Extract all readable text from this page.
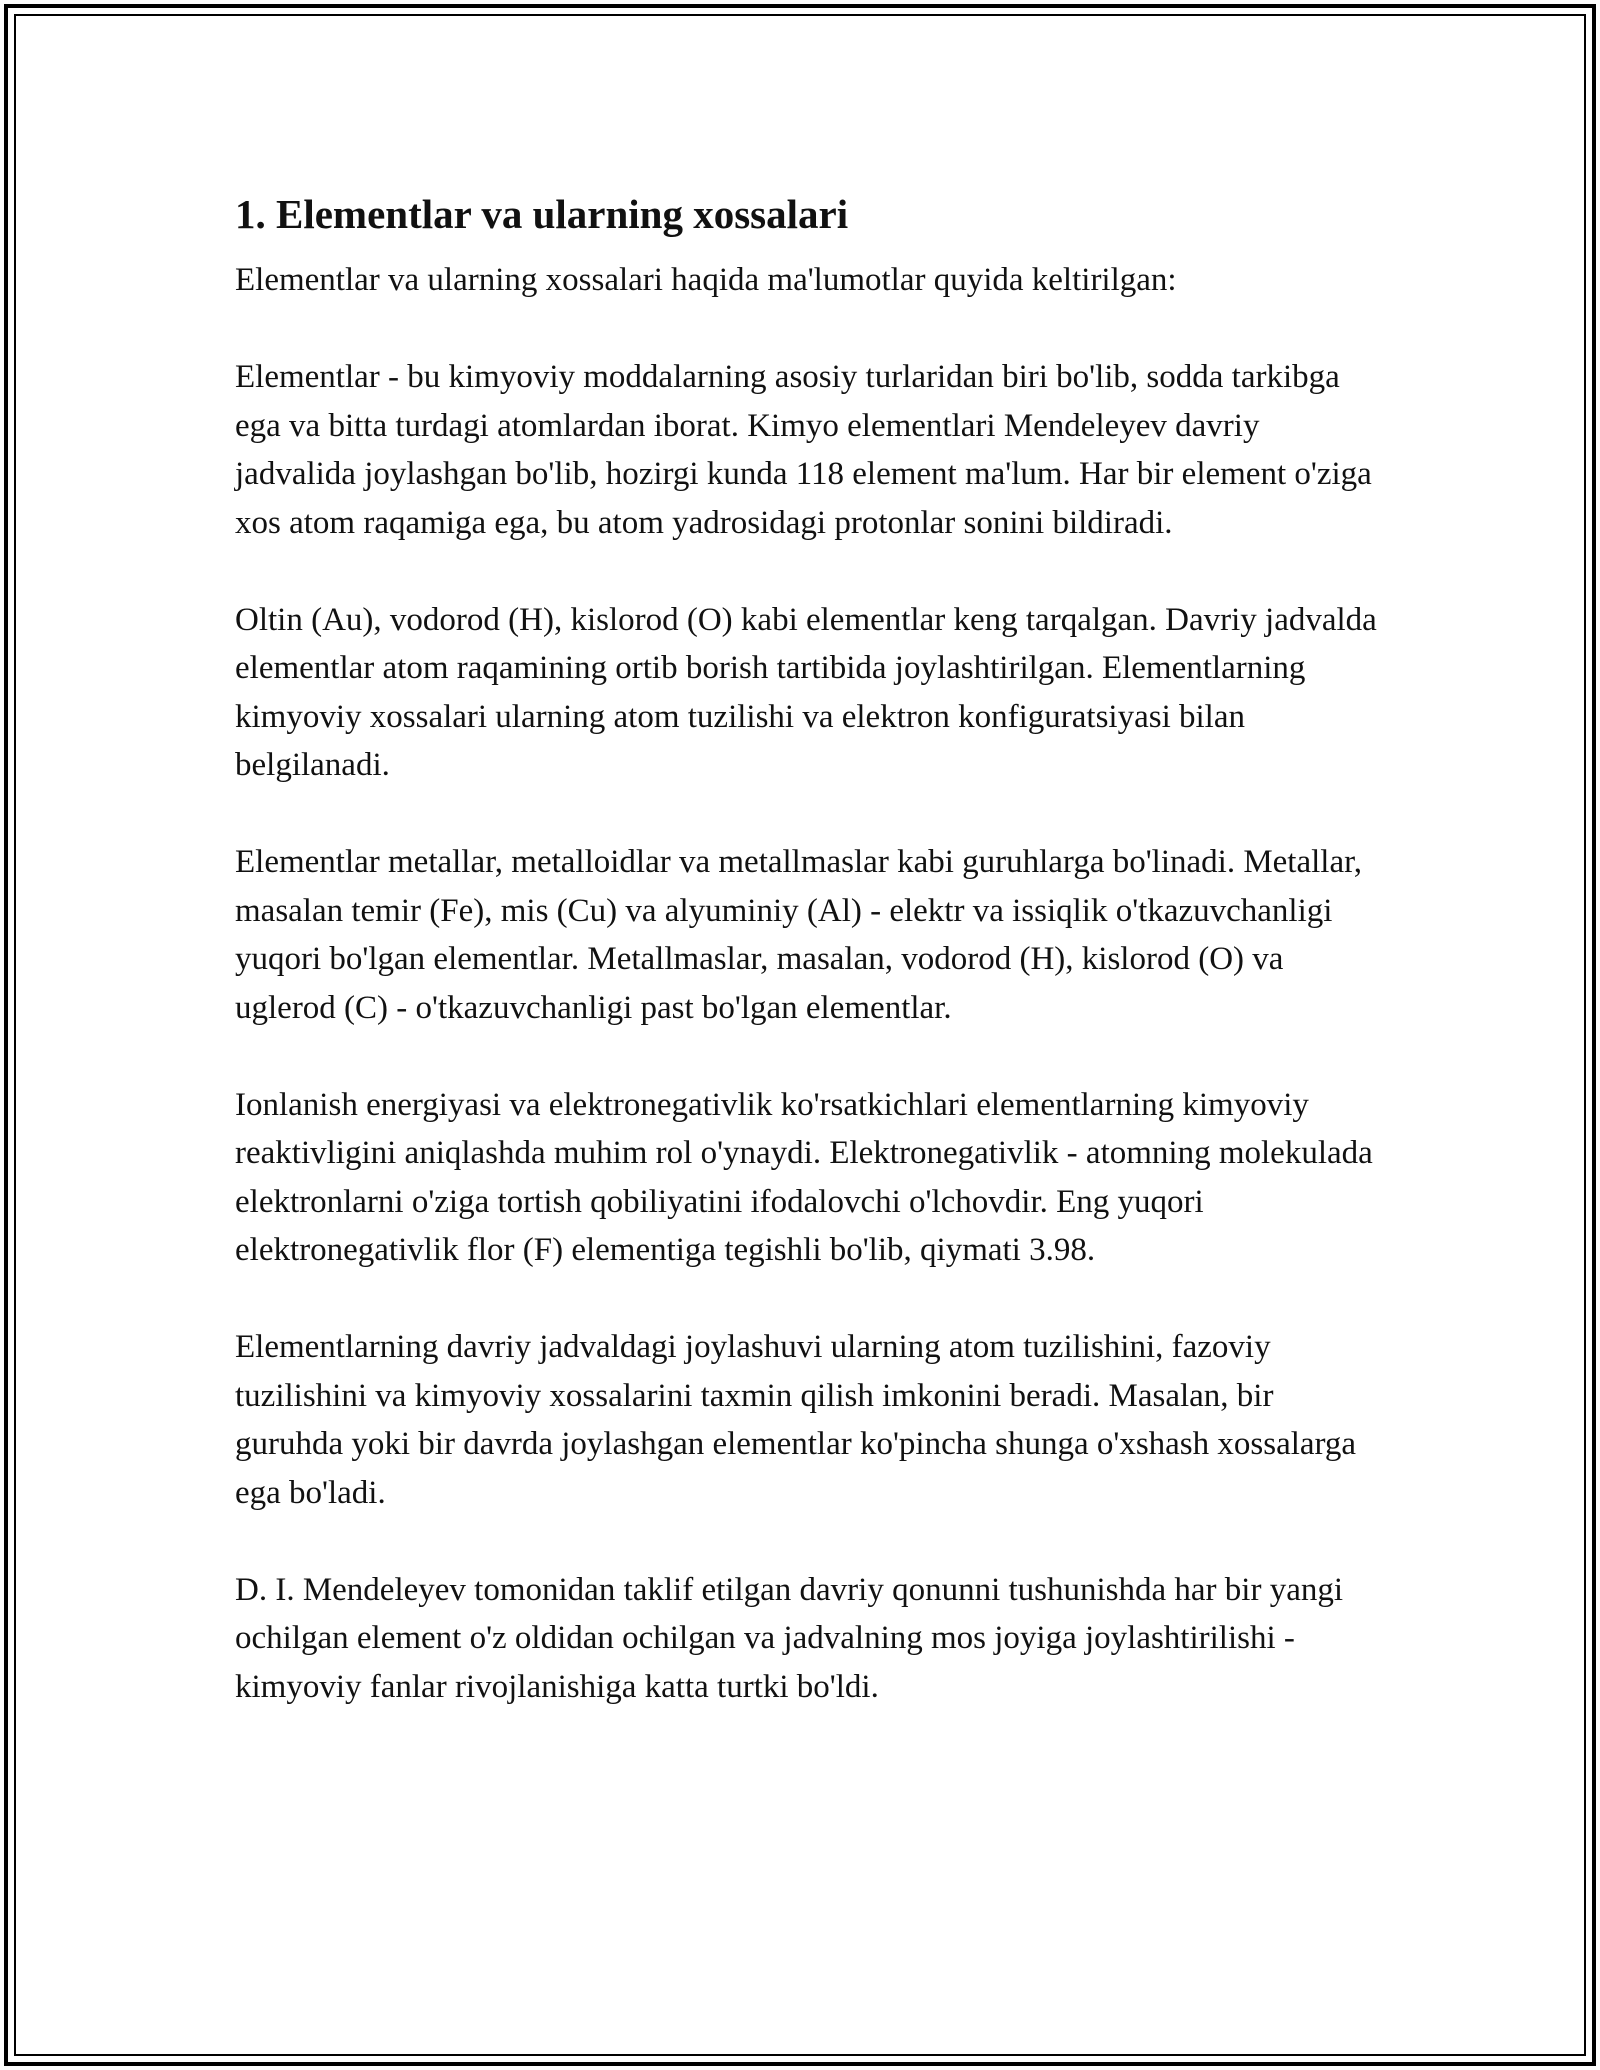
1. Elementlar va ularning xossalari

Elementlar va ularning xossalari haqida ma'lumotlar quyida keltirilgan:

Elementlar - bu kimyoviy moddalarning asosiy turlaridan biri bo'lib, sodda tarkibga ega va bitta turdagi atomlardan iborat. Kimyo elementlari Mendeleyev davriy jadvalida joylashgan bo'lib, hozirgi kunda 118 element ma'lum. Har bir element o'ziga xos atom raqamiga ega, bu atom yadrosidagi protonlar sonini bildiradi.

Oltin (Au), vodorod (H), kislorod (O) kabi elementlar keng tarqalgan. Davriy jadvalda elementlar atom raqamining ortib borish tartibida joylashtirilgan. Elementlarning kimyoviy xossalari ularning atom tuzilishi va elektron konfiguratsiyasi bilan belgilanadi.

Elementlar metallar, metalloidlar va metallmaslar kabi guruhlarga bo'linadi. Metallar, masalan temir (Fe), mis (Cu) va alyuminiy (Al) - elektr va issiqlik o'tkazuvchanligi yuqori bo'lgan elementlar. Metallmaslar, masalan, vodorod (H), kislorod (O) va uglerod (C) - o'tkazuvchanligi past bo'lgan elementlar.

Ionlanish energiyasi va elektronegativlik ko'rsatkichlari elementlarning kimyoviy reaktivligini aniqlashda muhim rol o'ynaydi. Elektronegativlik - atomning molekulada elektronlarni o'ziga tortish qobiliyatini ifodalovchi o'lchovdir. Eng yuqori elektronegativlik flor (F) elementiga tegishli bo'lib, qiymati 3.98.

Elementlarning davriy jadvaldagi joylashuvi ularning atom tuzilishini, fazoviy tuzilishini va kimyoviy xossalarini taxmin qilish imkonini beradi. Masalan, bir guruhda yoki bir davrda joylashgan elementlar ko'pincha shunga o'xshash xossalarga ega bo'ladi.

D. I. Mendeleyev tomonidan taklif etilgan davriy qonunni tushunishda har bir yangi ochilgan element o'z oldidan ochilgan va jadvalning mos joyiga joylashtirilishi - kimyoviy fanlar rivojlanishiga katta turtki bo'ldi.
